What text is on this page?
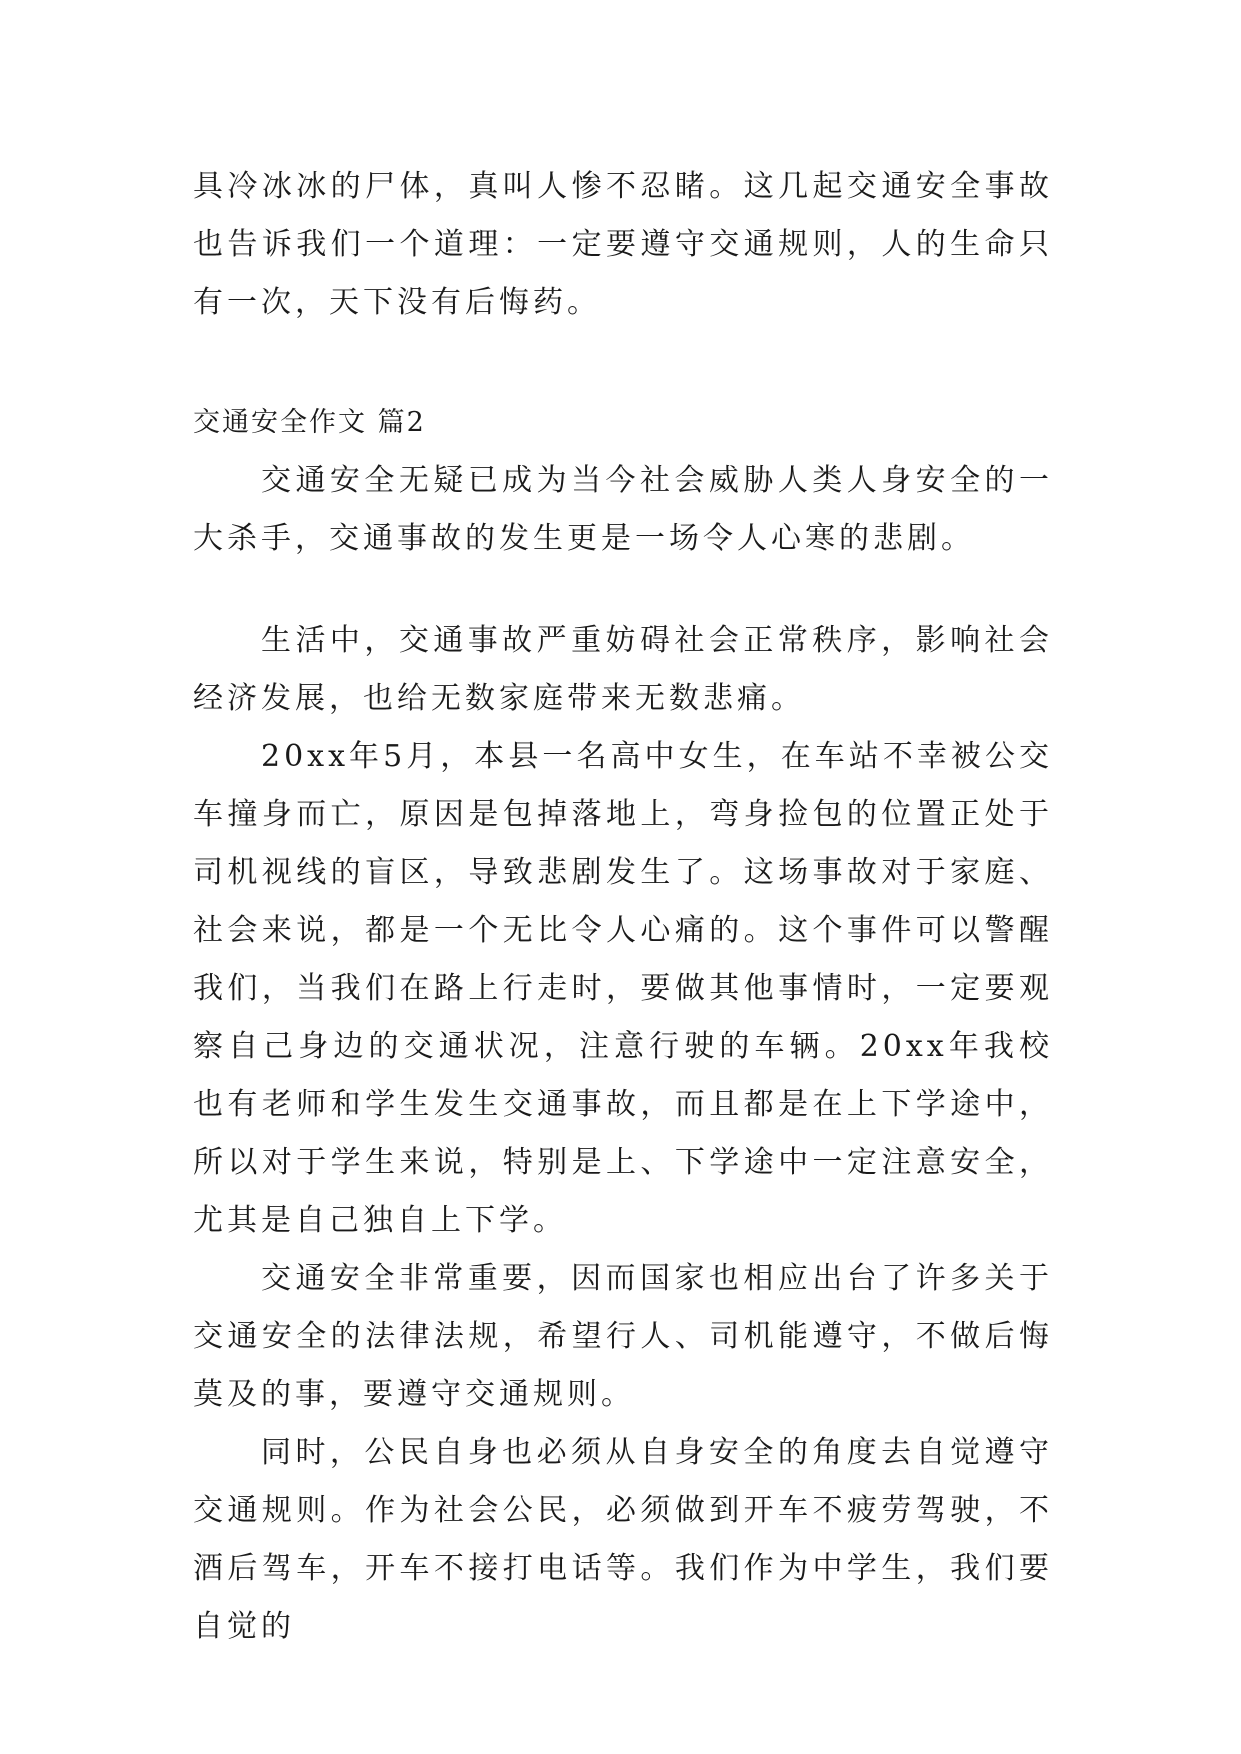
具冷冰冰的尸体，真叫人惨不忍睹。这几起交通安全事故也告诉我们一个道理：一定要遵守交通规则，人的生命只有一次，天下没有后悔药。

交通安全作文 篇2

交通安全无疑已成为当今社会威胁人类人身安全的一大杀手，交通事故的发生更是一场令人心寒的悲剧。

生活中，交通事故严重妨碍社会正常秩序，影响社会经济发展，也给无数家庭带来无数悲痛。

20xx年5月，本县一名高中女生，在车站不幸被公交车撞身而亡，原因是包掉落地上，弯身捡包的位置正处于司机视线的盲区，导致悲剧发生了。这场事故对于家庭、社会来说，都是一个无比令人心痛的。这个事件可以警醒我们，当我们在路上行走时，要做其他事情时，一定要观察自己身边的交通状况，注意行驶的车辆。20xx年我校也有老师和学生发生交通事故，而且都是在上下学途中，所以对于学生来说，特别是上、下学途中一定注意安全，尤其是自己独自上下学。

交通安全非常重要，因而国家也相应出台了许多关于交通安全的法律法规，希望行人、司机能遵守，不做后悔莫及的事，要遵守交通规则。

同时，公民自身也必须从自身安全的角度去自觉遵守交通规则。作为社会公民，必须做到开车不疲劳驾驶，不酒后驾车，开车不接打电话等。我们作为中学生，我们要自觉的
